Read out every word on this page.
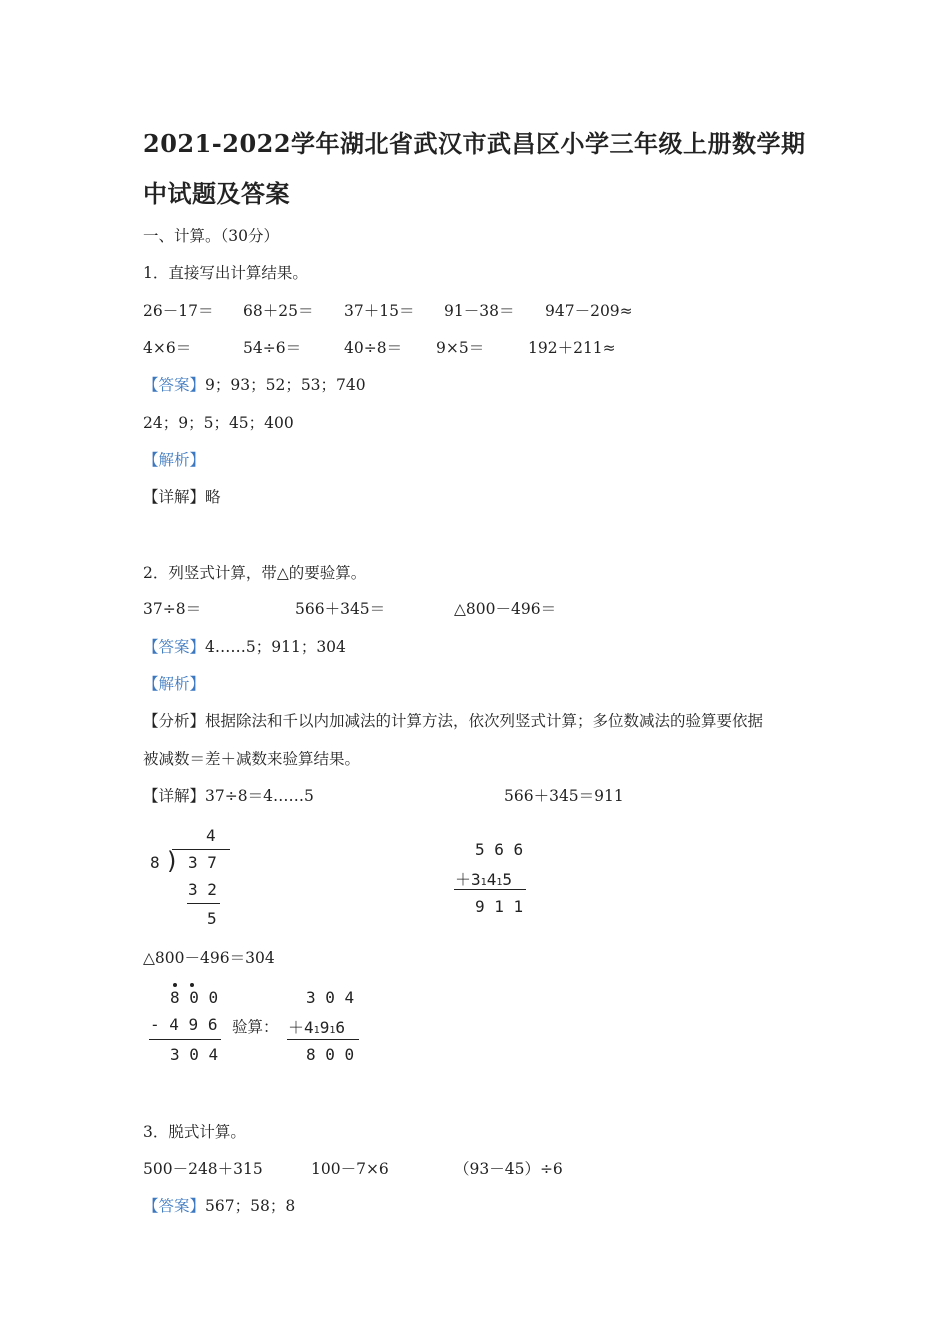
2021-2022学年湖北省武汉市武昌区小学三年级上册数学期
中试题及答案
一、计算。（30分）
1．直接写出计算结果。
26－17＝ 68＋25＝ 37＋15＝ 91－38＝ 947－209≈
4×6＝	54÷6＝	40÷8＝ 9×5＝	192＋211≈
【答案】9；93；52；53；740
24；9；5；45；400
【解析】
【详解】略
2．列竖式计算，带△的要验算。
37÷8＝	566＋345＝	△800－496＝
【答案】4……5；911；304
【解析】
【分析】根据除法和千以内加减法的计算方法，依次列竖式计算；多位数减法的验算要依据
被减数＝差＋减数来验算结果。
【详解】37÷8＝4……5	566＋345＝911
4
8 ) 3 7
3 2
5
5 6 6
＋31415
9 1 1
△800－496＝304
8 0 0
- 4 9 6
3 0 4
验算：
3 0 4
＋41916
8 0 0
3．脱式计算。
500－248＋315	100－7×6	（93－45）÷6
【答案】567；58；8
